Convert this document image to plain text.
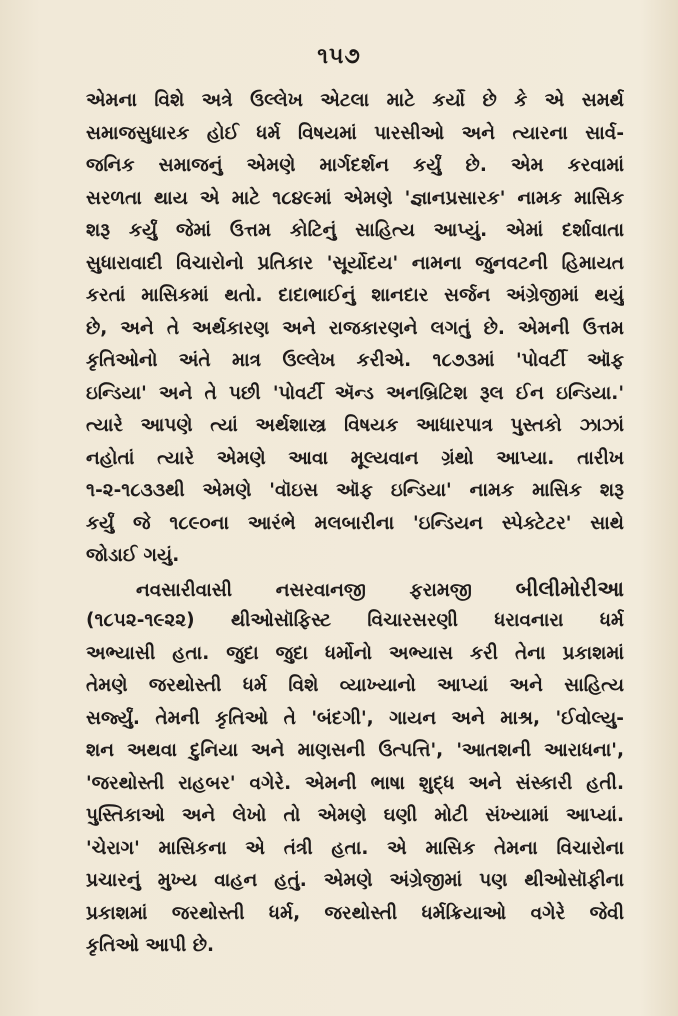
૧૫૭
એમના વિશે અત્રે ઉલ્લેખ એટલા માટે કર્યો છે કે એ સમર્થ
સમાજસુધારક હોઈ ધર્મ વિષયમાં પારસીઓ અને ત્યારના સાર્વ-
જનિક સમાજનું એમણે માર્ગદર્શન કર્યું છે. એમ કરવામાં
સરળતા થાય એ માટે ૧૮૪૯માં એમણે 'જ્ઞાનપ્રસારક' નામક માસિક
શરૂ કર્યું જેમાં ઉત્તમ કોટિનું સાહિત્ય આપ્યું. એમાં દર્શાવાતા
સુધારાવાદી વિચારોનો પ્રતિકાર 'સૂર્યોદય' નામના જુનવટની હિમાયત
કરતાં માસિકમાં થતો. દાદાભાઈનું શાનદાર સર્જન અંગ્રેજીમાં થયું
છે, અને તે અર્થકારણ અને રાજકારણને લગતું છે. એમની ઉત્તમ
કૃતિઓનો અંતે માત્ર ઉલ્લેખ કરીએ. ૧૮૭૩માં 'પોવર્ટી ઑફ
ઇન્ડિયા' અને તે પછી 'પોવર્ટી ઍન્ડ અનબ્રિટિશ રૂલ ઈન ઇન્ડિયા.'
ત્યારે આપણે ત્યાં અર્થશાસ્ત્ર વિષયક આધારપાત્ર પુસ્તકો ઝાઝાં
નહોતાં ત્યારે એમણે આવા મૂલ્યવાન ગ્રંથો આપ્યા. તારીખ
૧-૨-૧૮૩૩થી એમણે 'વૉઇસ ઑફ ઇન્ડિયા' નામક માસિક શરૂ
કર્યું જે ૧૮૯૦ના આરંભે મલબારીના 'ઇન્ડિયન સ્પેક્ટેટર' સાથે
જોડાઈ ગયું.
નવસારીવાસી નસરવાનજી ફરામજી બીલીમોરીઆ
(૧૮૫૨-૧૯૨૨) થીઓસૉફિસ્ટ વિચારસરણી ધરાવનારા ધર્મ
અભ્યાસી હતા. જુદા જુદા ધર્મોનો અભ્યાસ કરી તેના પ્રકાશમાં
તેમણે જરથોસ્તી ધર્મ વિશે વ્યાખ્યાનો આપ્યાં અને સાહિત્ય
સર્જ્યું. તેમની કૃતિઓ તે 'બંદગી', ગાયન અને માશ્ર, 'ઈવોલ્યુ-
શન અથવા દુનિયા અને માણસની ઉત્પત્તિ', 'આતશની આરાધના',
'જરથોસ્તી રાહબર' વગેરે. એમની ભાષા શુદ્ધ અને સંસ્કારી હતી.
પુસ્તિકાઓ અને લેખો તો એમણે ઘણી મોટી સંખ્યામાં આપ્યાં.
'ચેરાગ' માસિકના એ તંત્રી હતા. એ માસિક તેમના વિચારોના
પ્રચારનું મુખ્ય વાહન હતું. એમણે અંગ્રેજીમાં પણ થીઓસૉફીના
પ્રકાશમાં જરથોસ્તી ધર્મ, જરથોસ્તી ધર્મક્રિયાઓ વગેરે જેવી
કૃતિઓ આપી છે.
